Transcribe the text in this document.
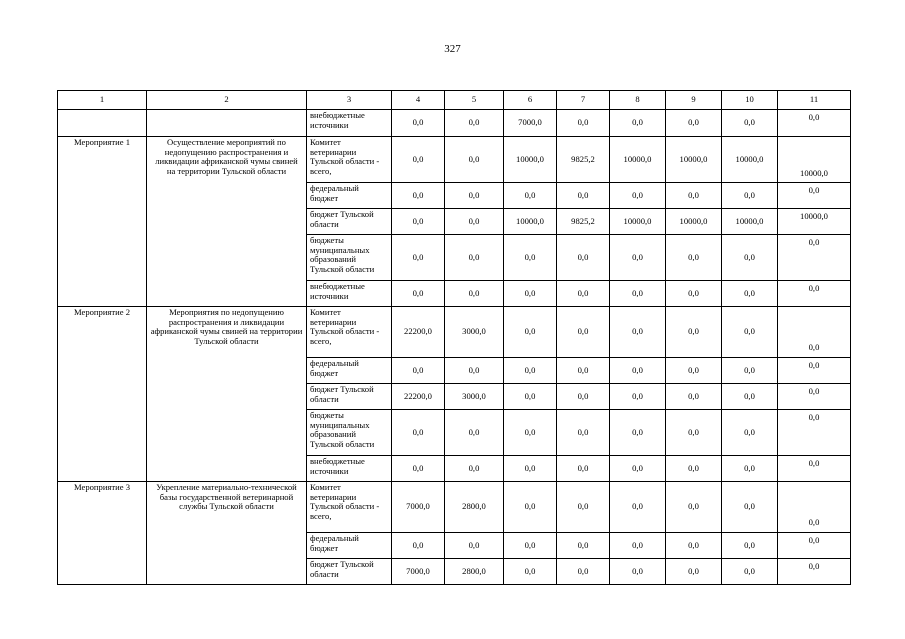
327
1	2	3	4	5	6	7	8	9	10	11
		внебюджетные источники	0,0	0,0	7000,0	0,0	0,0	0,0	0,0	0,0
Мероприятие 1	Осуществление мероприятий по недопущению распространения и ликвидации африканской чумы свиней на территории Тульской области	Комитет ветеринарии Тульской области - всего,	0,0	0,0	10000,0	9825,2	10000,0	10000,0	10000,0	10000,0
		федеральный бюджет	0,0	0,0	0,0	0,0	0,0	0,0	0,0	0,0
		бюджет Тульской области	0,0	0,0	10000,0	9825,2	10000,0	10000,0	10000,0	10000,0
		бюджеты муниципальных образований Тульской области	0,0	0,0	0,0	0,0	0,0	0,0	0,0	0,0
		внебюджетные источники	0,0	0,0	0,0	0,0	0,0	0,0	0,0	0,0
Мероприятие 2	Мероприятия по недопущению распространения и ликвидации африканской чумы свиней на территории Тульской области	Комитет ветеринарии Тульской области - всего,	22200,0	3000,0	0,0	0,0	0,0	0,0	0,0	0,0
		федеральный бюджет	0,0	0,0	0,0	0,0	0,0	0,0	0,0	0,0
		бюджет Тульской области	22200,0	3000,0	0,0	0,0	0,0	0,0	0,0	0,0
		бюджеты муниципальных образований Тульской области	0,0	0,0	0,0	0,0	0,0	0,0	0,0	0,0
		внебюджетные источники	0,0	0,0	0,0	0,0	0,0	0,0	0,0	0,0
Мероприятие 3	Укрепление материально-технической базы государственной ветеринарной службы Тульской области	Комитет ветеринарии Тульской области - всего,	7000,0	2800,0	0,0	0,0	0,0	0,0	0,0	0,0
		федеральный бюджет	0,0	0,0	0,0	0,0	0,0	0,0	0,0	0,0
		бюджет Тульской области	7000,0	2800,0	0,0	0,0	0,0	0,0	0,0	0,0
